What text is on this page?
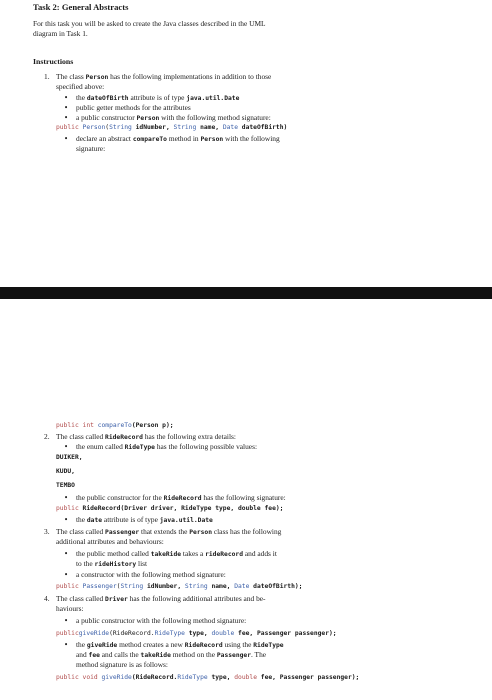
Task 2: General Abstracts
For this task you will be asked to create the Java classes described in the UML
diagram in Task 1.
Instructions
1. The class Person has the following implementations in addition to those
specified above:
• the dateOfBirth attribute is of type java.util.Date
• public getter methods for the attributes
• a public constructor Person with the following method signature:
public Person(String idNumber, String name, Date dateOfBirth)
• declare an abstract compareTo method in Person with the following
signature:
public int compareTo(Person p);
2. The class called RideRecord has the following extra details:
• the enum called RideType has the following possible values:
DUIKER,
KUDU,
TEMBO
• the public constructor for the RideRecord has the following signature:
public RideRecord(Driver driver, RideType type, double fee);
• the date attribute is of type java.util.Date
3. The class called Passenger that extends the Person class has the following
additional attributes and behaviours:
• the public method called takeRide takes a rideRecord and adds it
to the rideHistory list
• a constructor with the following method signature:
public Passenger(String idNumber, String name, Date dateOfBirth);
4. The class called Driver has the following additional attributes and be-
haviours:
• a public constructor with the following method signature:
publicgiveRide(RideRecord.RideType type, double fee, Passenger passenger);
• the giveRide method creates a new RideRecord using the RideType
and fee and calls the takeRide method on the Passenger. The
method signature is as follows:
public void giveRide(RideRecord.RideType type, double fee, Passenger passenger);
